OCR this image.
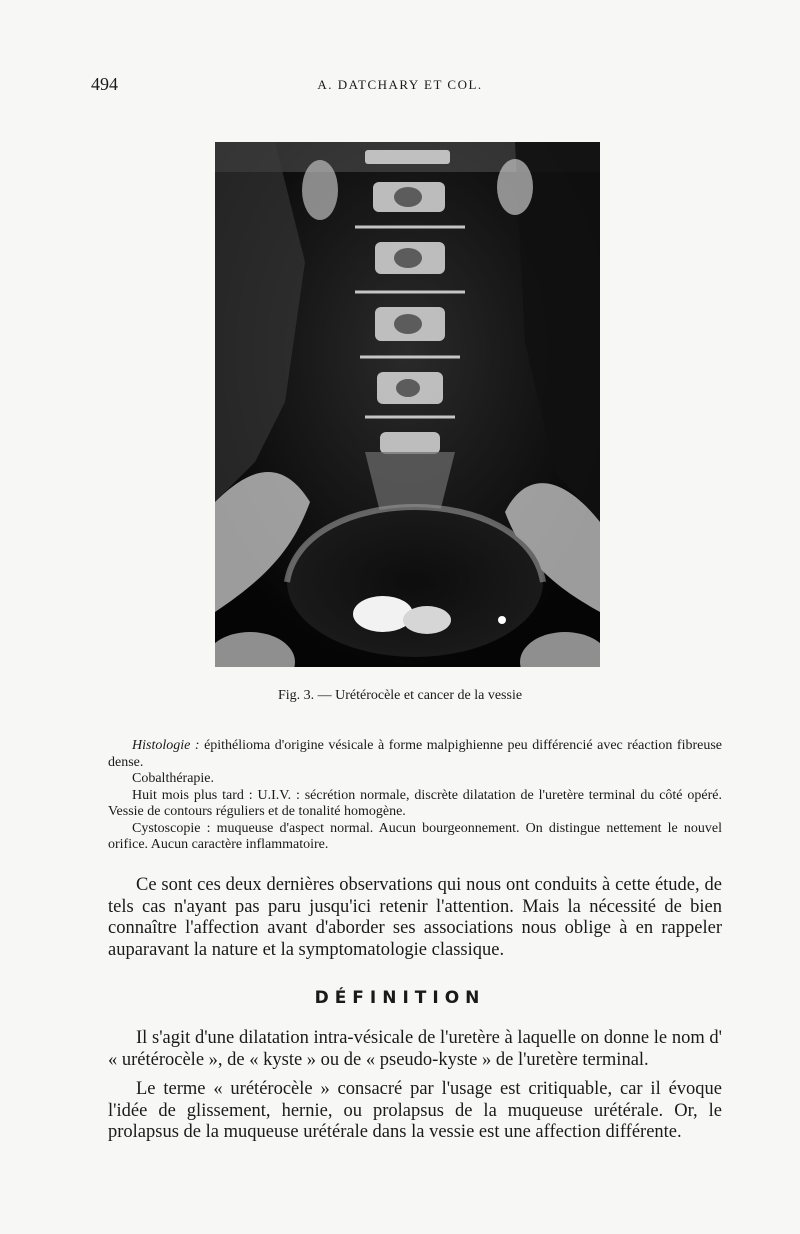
494	A. DATCHARY ET COL.
Fig. 3. — Urétérocèle et cancer de la vessie

Histologie : épithélioma d'origine vésicale à forme malpighienne peu différencié avec réaction fibreuse dense.

Cobalthérapie.

Huit mois plus tard : U.I.V. : sécrétion normale, discrète dilatation de l'uretère terminal du côté opéré. Vessie de contours réguliers et de tonalité homogène.

Cystoscopie : muqueuse d'aspect normal. Aucun bourgeonnement. On distingue nettement le nouvel orifice. Aucun caractère inflammatoire.

Ce sont ces deux dernières observations qui nous ont conduits à cette étude, de tels cas n'ayant pas paru jusqu'ici retenir l'attention. Mais la nécessité de bien connaître l'affection avant d'aborder ses associations nous oblige à en rappeler auparavant la nature et la symptomatologie classique.

DÉFINITION

Il s'agit d'une dilatation intra-vésicale de l'uretère à laquelle on donne le nom d' « urétérocèle », de « kyste » ou de « pseudo-kyste » de l'uretère terminal.

Le terme « urétérocèle » consacré par l'usage est critiquable, car il évoque l'idée de glissement, hernie, ou prolapsus de la muqueuse urétérale. Or, le prolapsus de la muqueuse urétérale dans la vessie est une affection différente.
